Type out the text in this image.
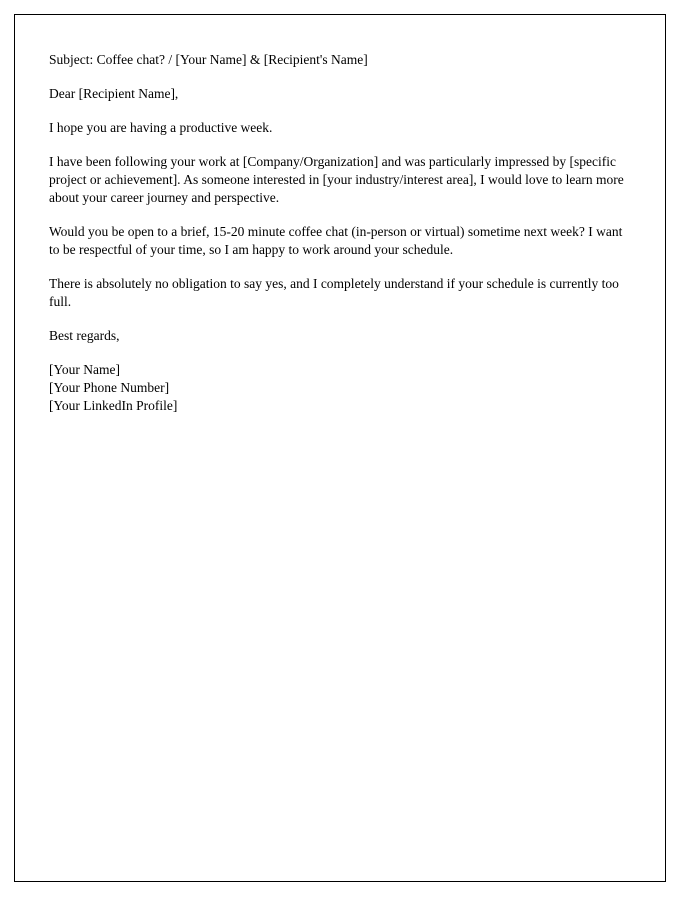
Subject: Coffee chat? / [Your Name] & [Recipient's Name]

Dear [Recipient Name],

I hope you are having a productive week.

I have been following your work at [Company/Organization] and was particularly impressed by [specific project or achievement]. As someone interested in [your industry/interest area], I would love to learn more about your career journey and perspective.

Would you be open to a brief, 15-20 minute coffee chat (in-person or virtual) sometime next week? I want to be respectful of your time, so I am happy to work around your schedule.

There is absolutely no obligation to say yes, and I completely understand if your schedule is currently too full.

Best regards,

[Your Name]

[Your Phone Number]

[Your LinkedIn Profile]
